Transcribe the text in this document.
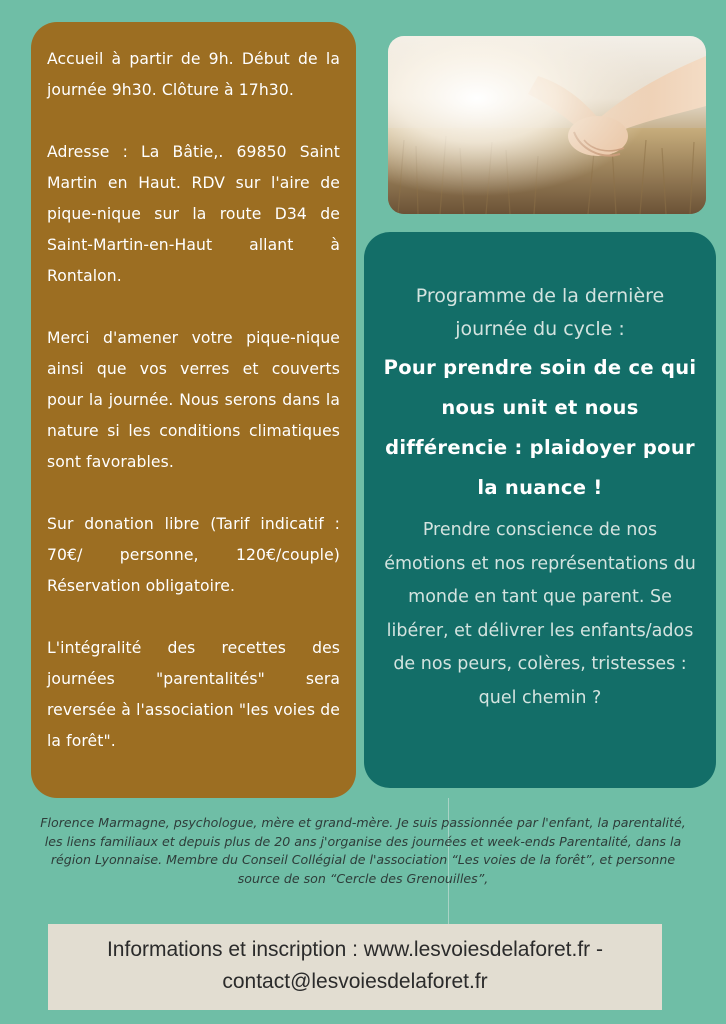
Accueil à partir de 9h. Début de la journée 9h30. Clôture à 17h30.

Adresse : La Bâtie,. 69850 Saint Martin en Haut. RDV sur l'aire de pique-nique sur la route D34 de Saint-Martin-en-Haut allant à Rontalon.

Merci d'amener votre pique-nique ainsi que vos verres et couverts pour la journée. Nous serons dans la nature si les conditions climatiques sont favorables.

Sur donation libre (Tarif indicatif : 70€/ personne, 120€/couple) Réservation obligatoire.

L'intégralité des recettes des journées "parentalités" sera reversée à l'association "les voies de la forêt".

Programme de la dernière journée du cycle :

Pour prendre soin de ce qui nous unit et nous différencie : plaidoyer pour la nuance !

Prendre conscience de nos émotions et nos représentations du monde en tant que parent. Se libérer, et délivrer les enfants/ados de nos peurs, colères, tristesses : quel chemin ?

Florence Marmagne, psychologue, mère et grand-mère. Je suis passionnée par l'enfant, la parentalité, les liens familiaux et depuis plus de 20 ans j'organise des journées et week-ends Parentalité, dans la région Lyonnaise. Membre du Conseil Collégial de l'association “Les voies de la forêt”, et personne source de son “Cercle des Grenouilles”,
Informations et inscription : www.lesvoiesdelaforet.fr -
contact@lesvoiesdelaforet.fr
